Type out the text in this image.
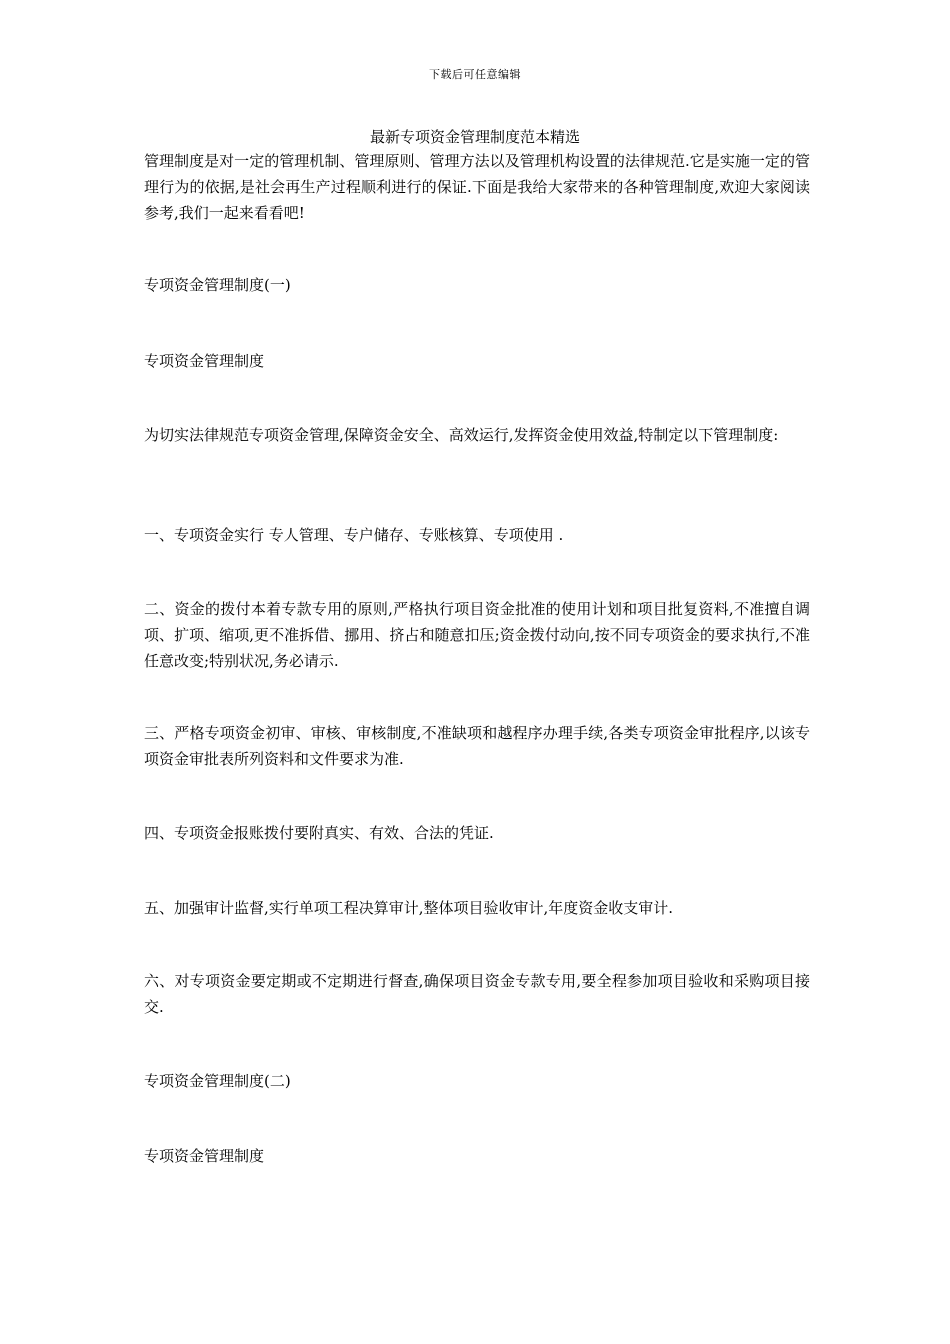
下载后可任意编辑
最新专项资金管理制度范本精选

管理制度是对一定的管理机制、管理原则、管理方法以及管理机构设置的法律规范.它是实施一定的管理行为的依据,是社会再生产过程顺利进行的保证.下面是我给大家带来的各种管理制度,欢迎大家阅读参考,我们一起来看看吧!

专项资金管理制度(一)

专项资金管理制度

为切实法律规范专项资金管理,保障资金安全、高效运行,发挥资金使用效益,特制定以下管理制度:

一、专项资金实行 专人管理、专户储存、专账核算、专项使用 .

二、资金的拨付本着专款专用的原则,严格执行项目资金批准的使用计划和项目批复资料,不准擅自调项、扩项、缩项,更不准拆借、挪用、挤占和随意扣压;资金拨付动向,按不同专项资金的要求执行,不准任意改变;特别状况,务必请示.

三、严格专项资金初审、审核、审核制度,不准缺项和越程序办理手续,各类专项资金审批程序,以该专项资金审批表所列资料和文件要求为准.

四、专项资金报账拨付要附真实、有效、合法的凭证.

五、加强审计监督,实行单项工程决算审计,整体项目验收审计,年度资金收支审计.

六、对专项资金要定期或不定期进行督查,确保项目资金专款专用,要全程参加项目验收和采购项目接交.

专项资金管理制度(二)

专项资金管理制度
